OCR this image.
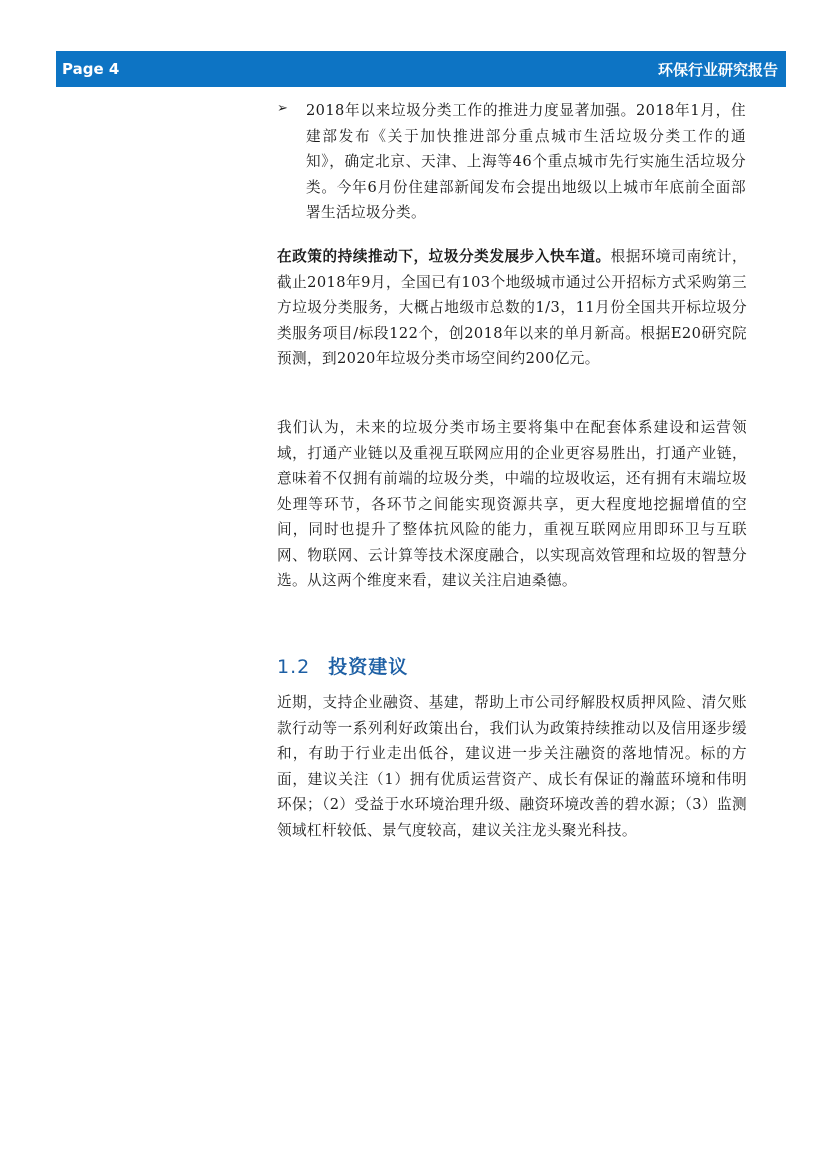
Page 4	环保行业研究报告
➢ 2018年以来垃圾分类工作的推进力度显著加强。2018年1月，住建部发布《关于加快推进部分重点城市生活垃圾分类工作的通知》，确定北京、天津、上海等46个重点城市先行实施生活垃圾分类。今年6月份住建部新闻发布会提出地级以上城市年底前全面部署生活垃圾分类。

在政策的持续推动下，垃圾分类发展步入快车道。根据环境司南统计，截止2018年9月，全国已有103个地级城市通过公开招标方式采购第三方垃圾分类服务，大概占地级市总数的1/3，11月份全国共开标垃圾分类服务项目/标段122个，创2018年以来的单月新高。根据E20研究院预测，到2020年垃圾分类市场空间约200亿元。

我们认为，未来的垃圾分类市场主要将集中在配套体系建设和运营领域，打通产业链以及重视互联网应用的企业更容易胜出，打通产业链，意味着不仅拥有前端的垃圾分类，中端的垃圾收运，还有拥有末端垃圾处理等环节，各环节之间能实现资源共享，更大程度地挖掘增值的空间，同时也提升了整体抗风险的能力，重视互联网应用即环卫与互联网、物联网、云计算等技术深度融合，以实现高效管理和垃圾的智慧分选。从这两个维度来看，建议关注启迪桑德。

1.2 投资建议

近期，支持企业融资、基建，帮助上市公司纾解股权质押风险、清欠账款行动等一系列利好政策出台，我们认为政策持续推动以及信用逐步缓和，有助于行业走出低谷，建议进一步关注融资的落地情况。标的方面，建议关注（1）拥有优质运营资产、成长有保证的瀚蓝环境和伟明环保；（2）受益于水环境治理升级、融资环境改善的碧水源；（3）监测领域杠杆较低、景气度较高，建议关注龙头聚光科技。
